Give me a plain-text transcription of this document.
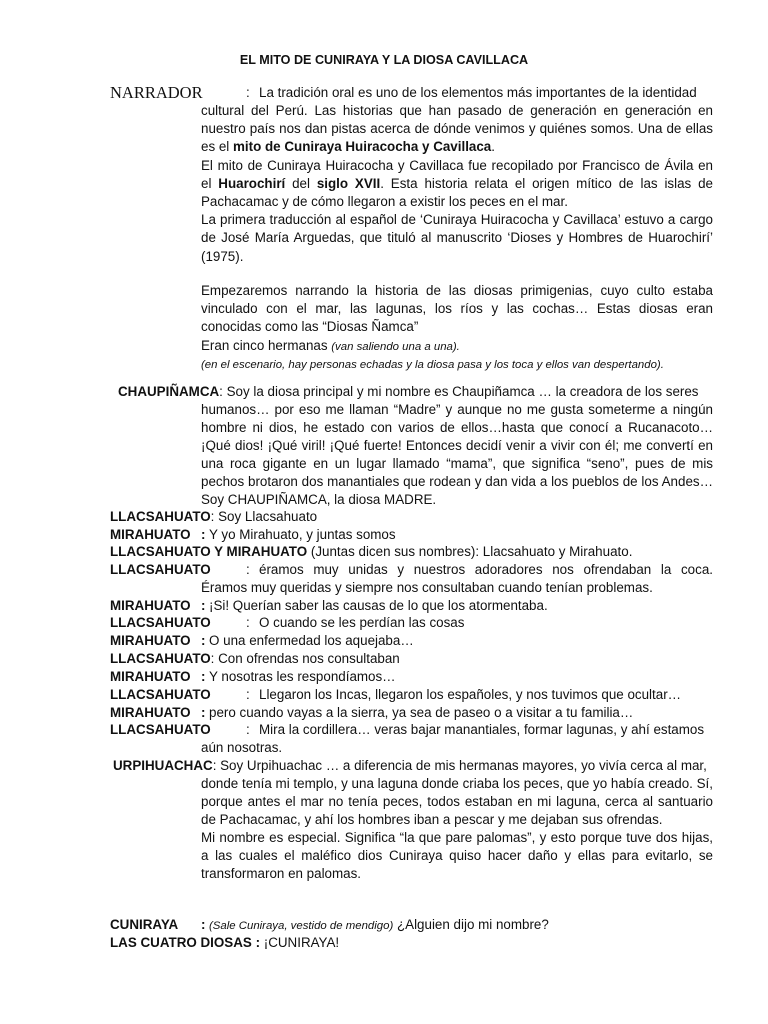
EL MITO DE CUNIRAYA Y LA DIOSA CAVILLACA
NARRADOR	: La tradición oral es uno de los elementos más importantes de la identidad

cultural del Perú. Las historias que han pasado de generación en generación en nuestro país nos dan pistas acerca de dónde venimos y quiénes somos. Una de ellas es el mito de Cuniraya Huiracocha y Cavillaca.

El mito de Cuniraya Huiracocha y Cavillaca fue recopilado por Francisco de Ávila en el Huarochirí del siglo XVII. Esta historia relata el origen mítico de las islas de Pachacamac y de cómo llegaron a existir los peces en el mar.

La primera traducción al español de ‘Cuniraya Huiracocha y Cavillaca’ estuvo a cargo de José María Arguedas, que tituló al manuscrito ‘Dioses y Hombres de Huarochirí’ (1975).

Empezaremos narrando la historia de las diosas primigenias, cuyo culto estaba vinculado con el mar, las lagunas, los ríos y las cochas… Estas diosas eran conocidas como las “Diosas Ñamca”

Eran cinco hermanas (van saliendo una a una).

(en el escenario, hay personas echadas y la diosa pasa y los toca y ellos van despertando).

CHAUPIÑAMCA: Soy la diosa principal y mi nombre es Chaupiñamca … la creadora de los seres

humanos… por eso me llaman “Madre” y aunque no me gusta someterme a ningún hombre ni dios, he estado con varios de ellos…hasta que conocí a Rucanacoto… ¡Qué dios! ¡Qué viril! ¡Qué fuerte! Entonces decidí venir a vivir con él; me convertí en una roca gigante en un lugar llamado “mama”, que significa “seno”, pues de mis pechos brotaron dos manantiales que rodean y dan vida a los pueblos de los Andes…Soy CHAUPIÑAMCA, la diosa MADRE.

LLACSAHUATO: Soy Llacsahuato
MIRAHUATO : Y yo Mirahuato, y juntas somos
LLACSAHUATO Y MIRAHUATO (Juntas dicen sus nombres): Llacsahuato y Mirahuato.
LLACSAHUATO	: éramos muy unidas y nuestros adoradores nos ofrendaban la coca.
Éramos muy queridas y siempre nos consultaban cuando tenían problemas.
MIRAHUATO : ¡Si! Querían saber las causas de lo que los atormentaba.
LLACSAHUATO	: O cuando se les perdían las cosas
MIRAHUATO : O una enfermedad los aquejaba…
LLACSAHUATO: Con ofrendas nos consultaban
MIRAHUATO : Y nosotras les respondíamos…
LLACSAHUATO	: Llegaron los Incas, llegaron los españoles, y nos tuvimos que ocultar…
MIRAHUATO : pero cuando vayas a la sierra, ya sea de paseo o a visitar a tu familia…
LLACSAHUATO	: Mira la cordillera… veras bajar manantiales, formar lagunas, y ahí estamos
aún nosotras.
URPIHUACHAC: Soy Urpihuachac … a diferencia de mis hermanas mayores, yo vivía cerca al mar,

donde tenía mi templo, y una laguna donde criaba los peces, que yo había creado. Sí, porque antes el mar no tenía peces, todos estaban en mi laguna, cerca al santuario de Pachacamac, y ahí los hombres iban a pescar y me dejaban sus ofrendas.

Mi nombre es especial. Significa “la que pare palomas”, y esto porque tuve dos hijas, a las cuales el maléfico dios Cuniraya quiso hacer daño y ellas para evitarlo, se transformaron en palomas.

CUNIRAYA : (Sale Cuniraya, vestido de mendigo) ¿Alguien dijo mi nombre?
LAS CUATRO DIOSAS : ¡CUNIRAYA!
